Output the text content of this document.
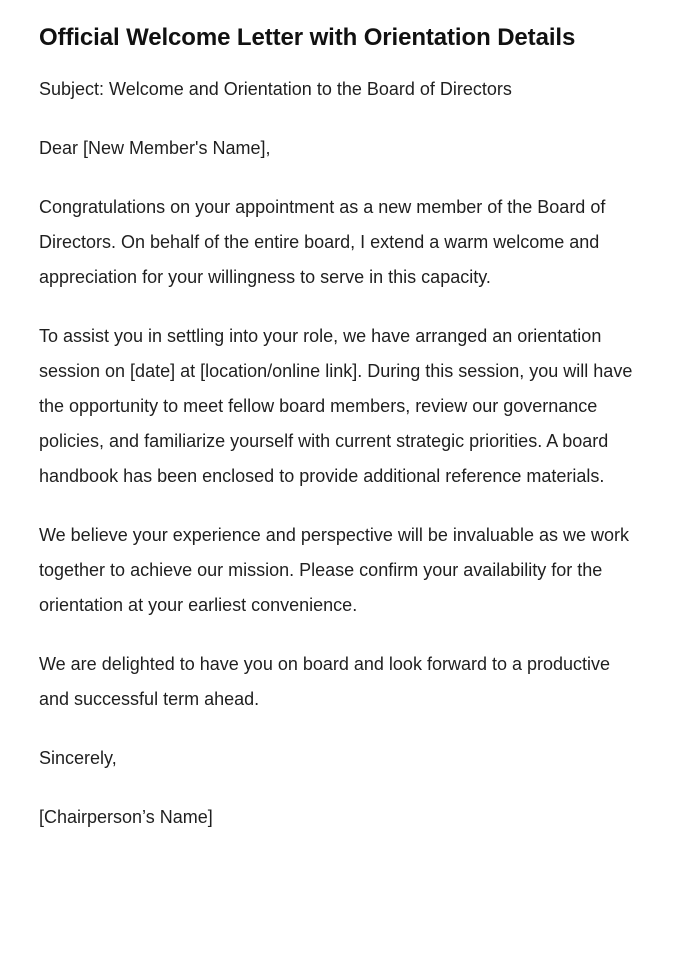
Official Welcome Letter with Orientation Details

Subject: Welcome and Orientation to the Board of Directors

Dear [New Member's Name],

Congratulations on your appointment as a new member of the Board of Directors. On behalf of the entire board, I extend a warm welcome and appreciation for your willingness to serve in this capacity.

To assist you in settling into your role, we have arranged an orientation session on [date] at [location/online link]. During this session, you will have the opportunity to meet fellow board members, review our governance policies, and familiarize yourself with current strategic priorities. A board handbook has been enclosed to provide additional reference materials.

We believe your experience and perspective will be invaluable as we work together to achieve our mission. Please confirm your availability for the orientation at your earliest convenience.

We are delighted to have you on board and look forward to a productive and successful term ahead.

Sincerely,

[Chairperson’s Name]
